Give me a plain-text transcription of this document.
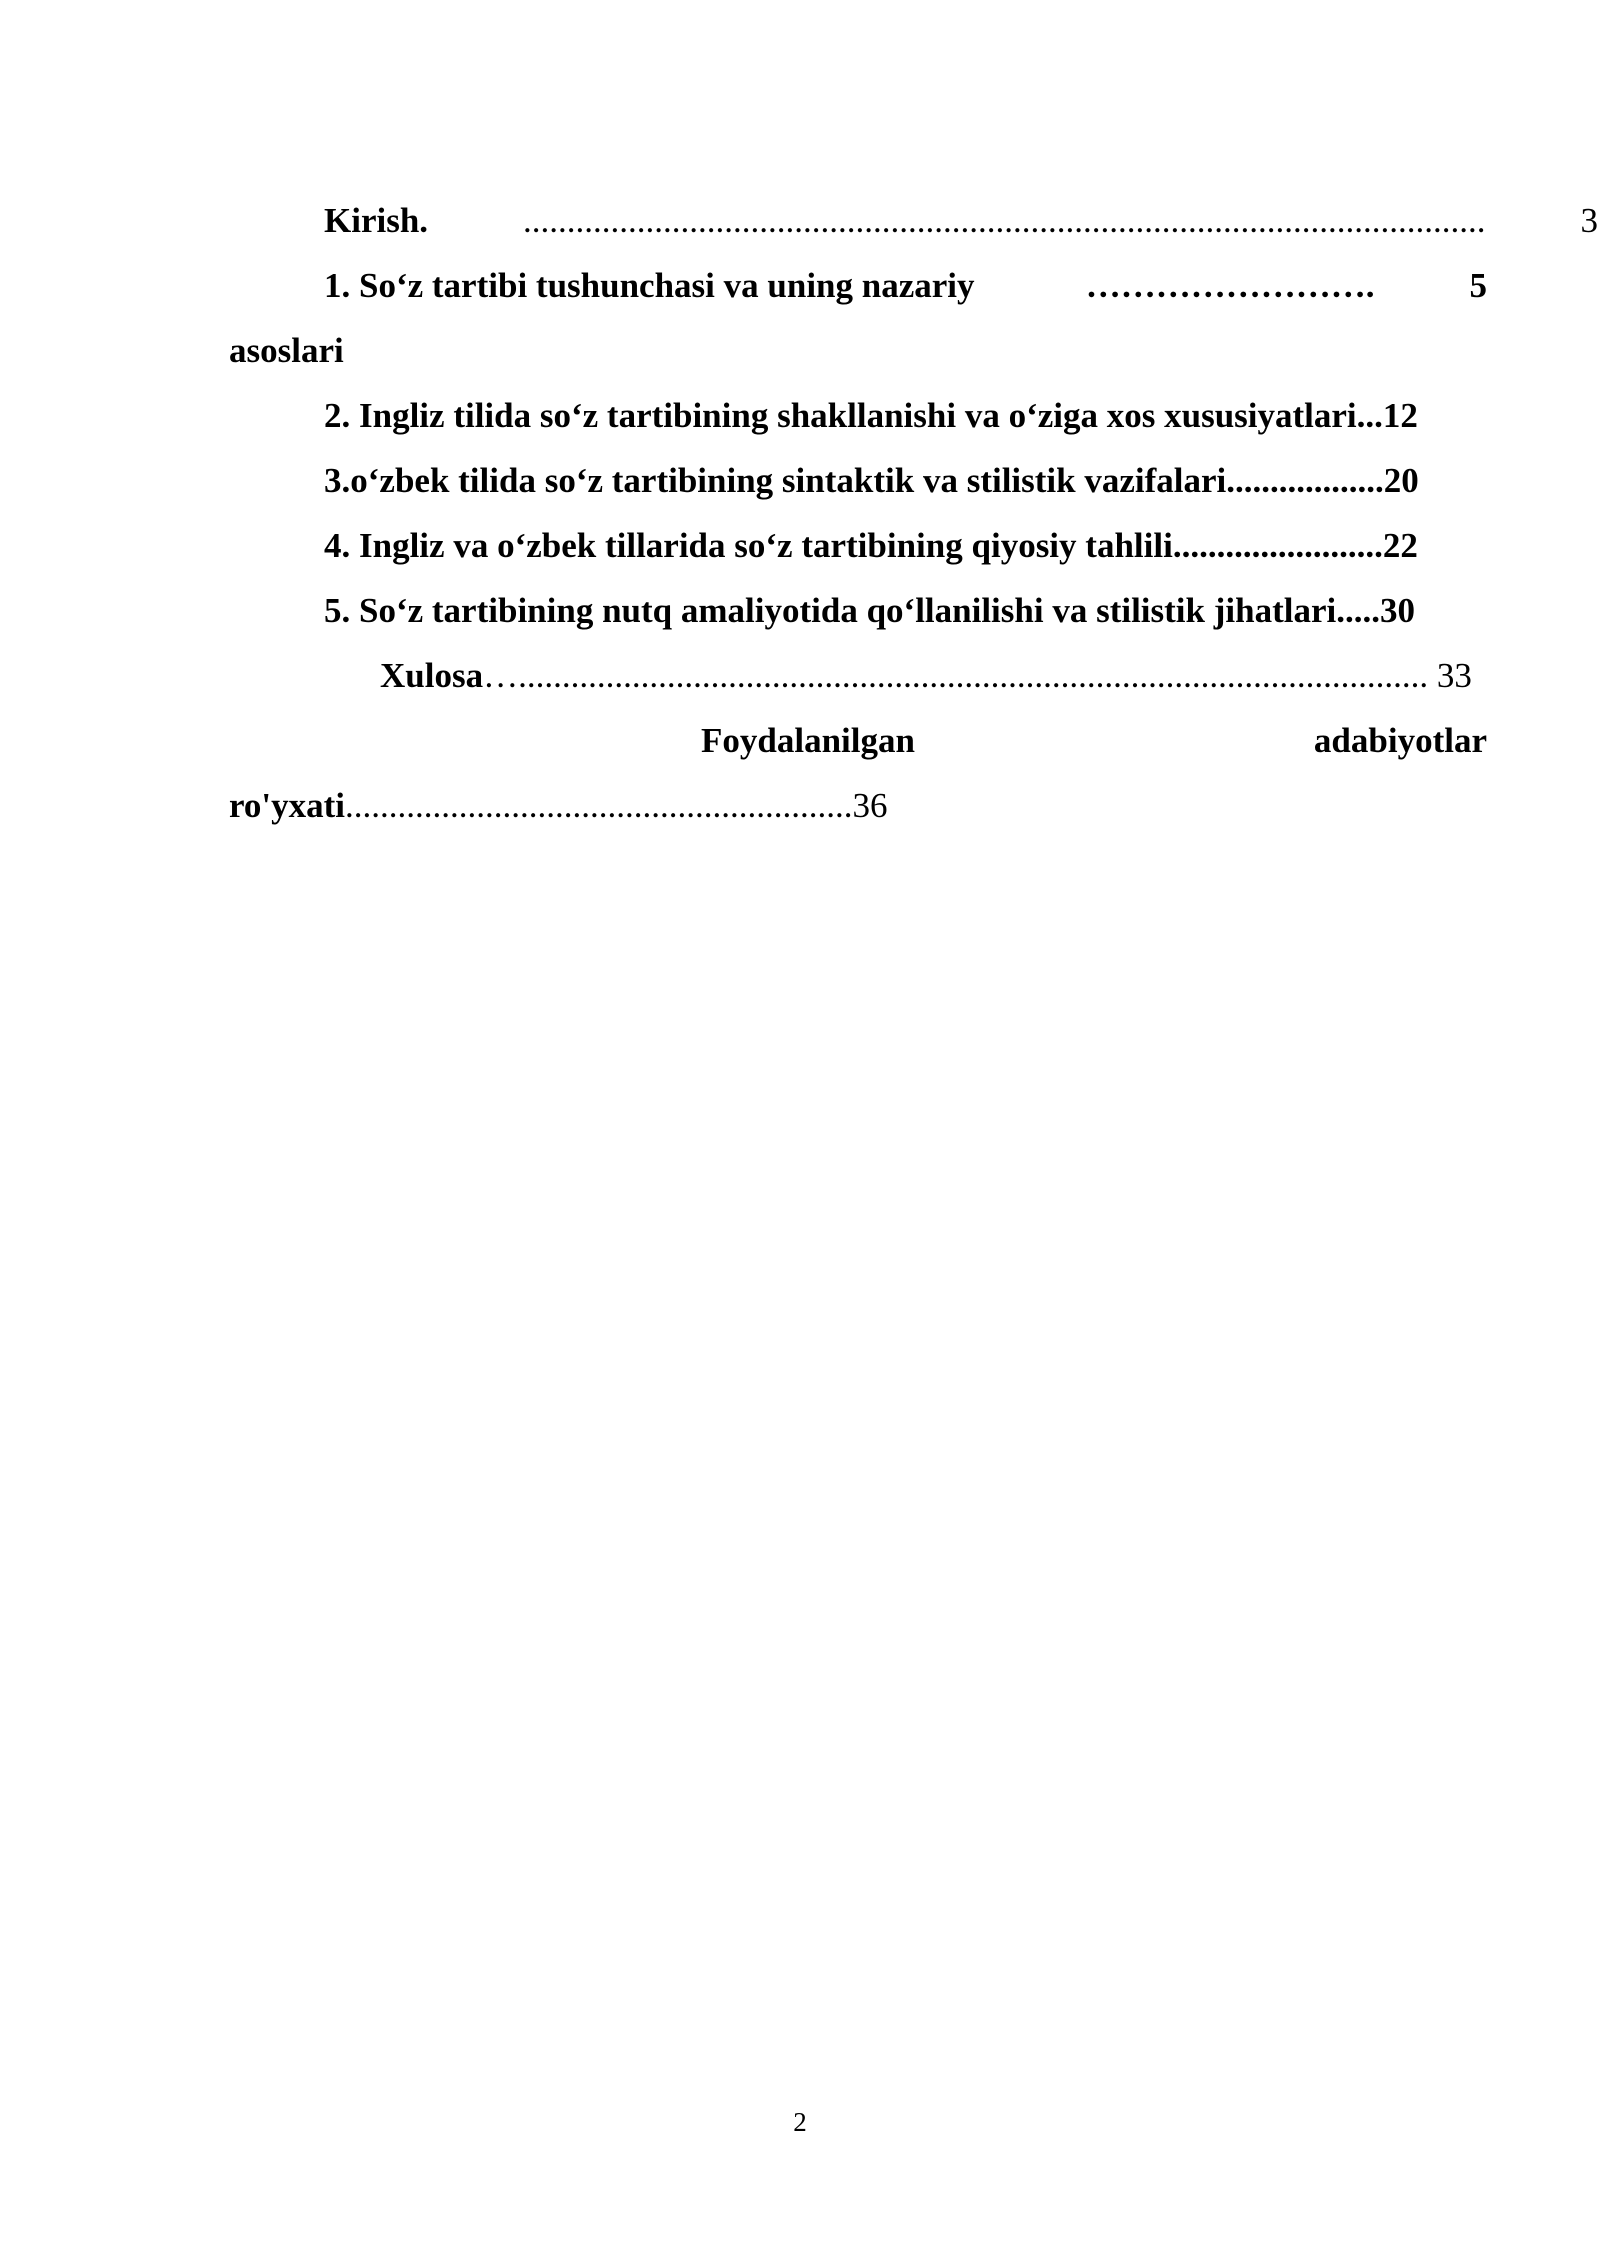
Kirish.	..............................................................................................................	3

1. So‘z tartibi tushunchasi va uning nazariy asoslari
…………………….	5

2. Ingliz tilida so‘z tartibining shakllanishi va o‘ziga xos xususiyatlari...12

3.o‘zbek tilida so‘z tartibining sintaktik va stilistik vazifalari..................20

4. Ingliz va o‘zbek tillarida so‘z tartibining qiyosiy tahlili........................22

5. So‘z tartibining nutq amaliyotida qo‘llanilishi va stilistik jihatlari.....30

Xulosa…........................................................................................................ 33

Foydalanilgan	adabiyotlar
ro'yxati..........................................................36

2
